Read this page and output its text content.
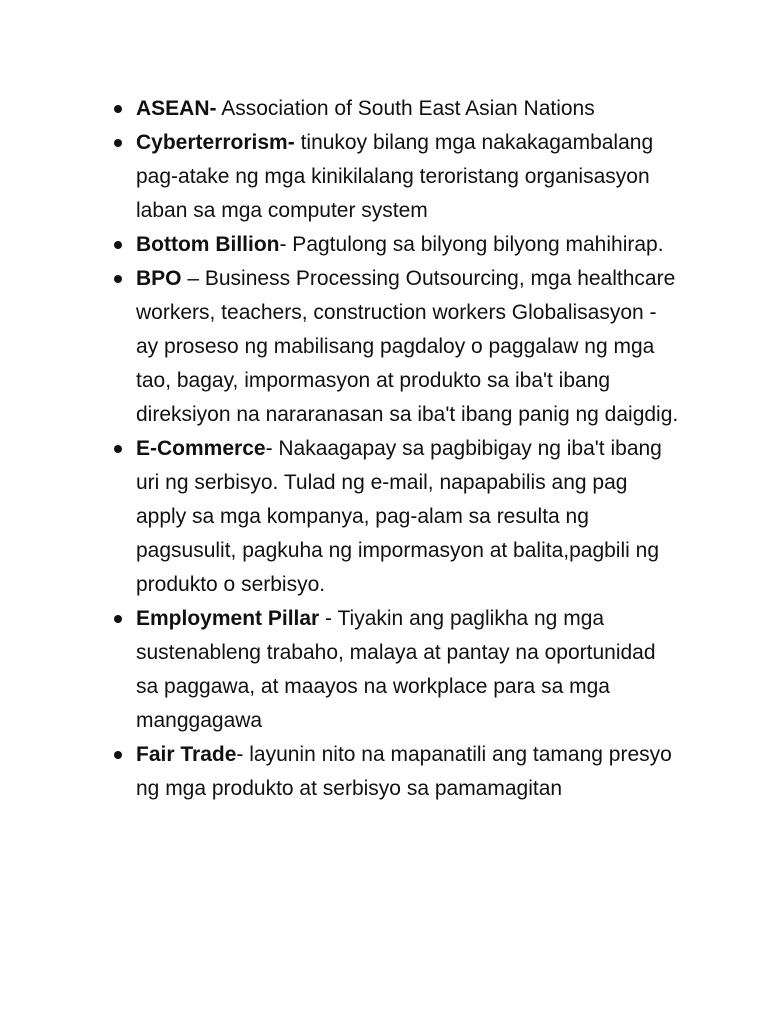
ASEAN- Association of South East Asian Nations
Cyberterrorism- tinukoy bilang mga nakakagambalang pag-atake ng mga kinikilalang teroristang organisasyon laban sa mga computer system
Bottom Billion- Pagtulong sa bilyong bilyong mahihirap.
BPO – Business Processing Outsourcing, mga healthcare workers, teachers, construction workers Globalisasyon - ay proseso ng mabilisang pagdaloy o paggalaw ng mga tao, bagay, impormasyon at produkto sa iba't ibang direksiyon na nararanasan sa iba't ibang panig ng daigdig.
E-Commerce- Nakaagapay sa pagbibigay ng iba't ibang uri ng serbisyo. Tulad ng e-mail, napapabilis ang pag apply sa mga kompanya, pag-alam sa resulta ng pagsusulit, pagkuha ng impormasyon at balita,pagbili ng produkto o serbisyo.
Employment Pillar - Tiyakin ang paglikha ng mga sustenableng trabaho, malaya at pantay na oportunidad sa paggawa, at maayos na workplace para sa mga manggagawa
Fair Trade- layunin nito na mapanatili ang tamang presyo ng mga produkto at serbisyo sa pamamagitan
